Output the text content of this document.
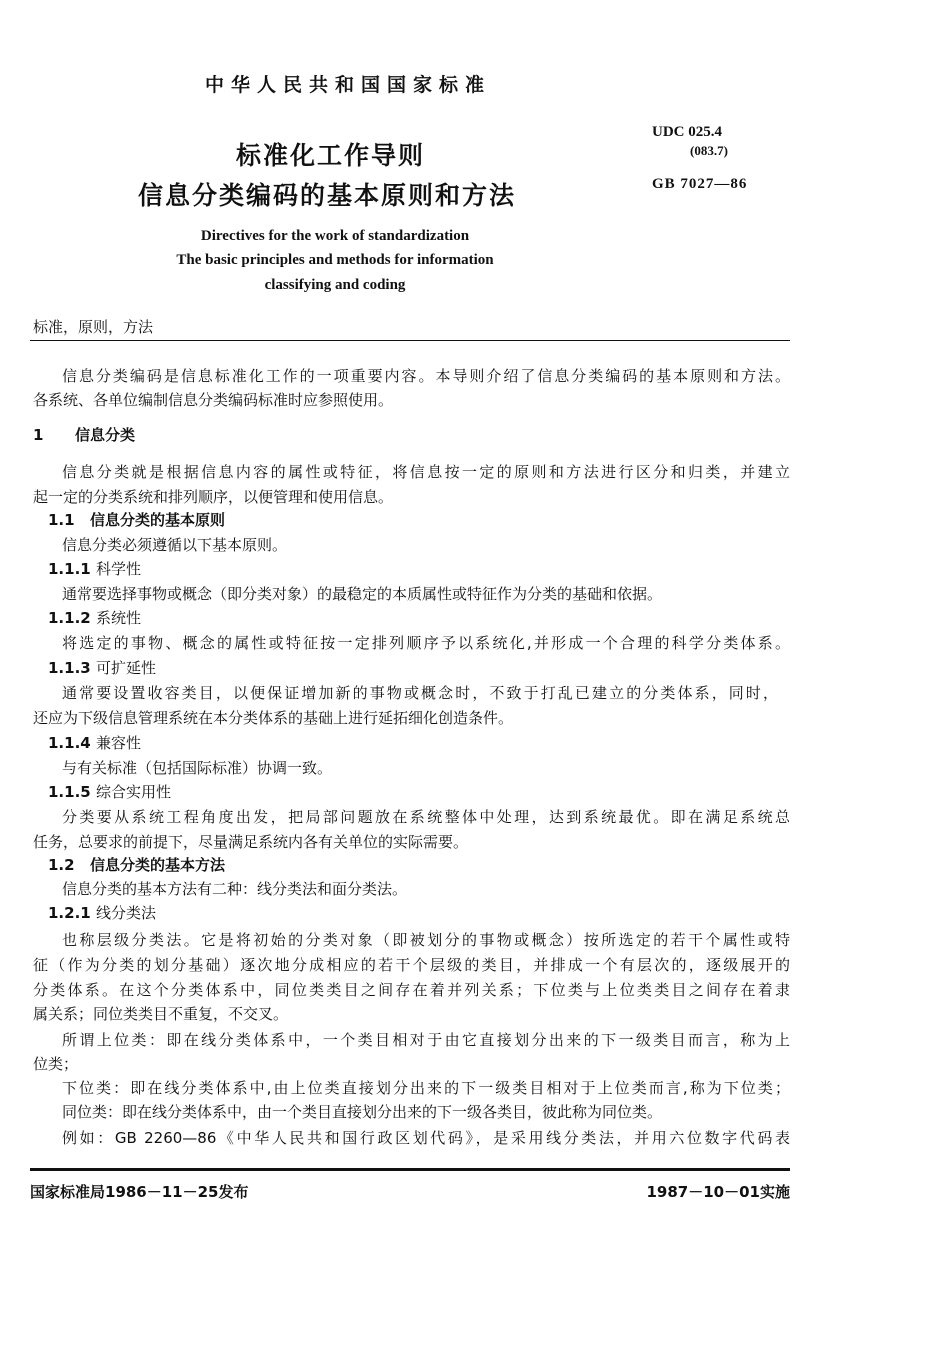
中华人民共和国国家标准
标准化工作导则
信息分类编码的基本原则和方法
UDC 025.4
(083.7)
GB 7027—86
Directives for the work of standardization
The basic principles and methods for information
classifying and coding
标准，原则，方法
信息分类编码是信息标准化工作的一项重要内容。本导则介绍了信息分类编码的基本原则和方法。
各系统、各单位编制信息分类编码标准时应参照使用。
1 信息分类
信息分类就是根据信息内容的属性或特征，将信息按一定的原则和方法进行区分和归类，并建立
起一定的分类系统和排列顺序，以便管理和使用信息。
1.1 信息分类的基本原则
信息分类必须遵循以下基本原则。
1.1.1 科学性
通常要选择事物或概念（即分类对象）的最稳定的本质属性或特征作为分类的基础和依据。
1.1.2 系统性
将选定的事物、概念的属性或特征按一定排列顺序予以系统化,并形成一个合理的科学分类体系。
1.1.3 可扩延性
通常要设置收容类目，以便保证增加新的事物或概念时，不致于打乱已建立的分类体系，同时，
还应为下级信息管理系统在本分类体系的基础上进行延拓细化创造条件。
1.1.4 兼容性
与有关标准（包括国际标准）协调一致。
1.1.5 综合实用性
分类要从系统工程角度出发，把局部问题放在系统整体中处理，达到系统最优。即在满足系统总
任务，总要求的前提下，尽量满足系统内各有关单位的实际需要。
1.2 信息分类的基本方法
信息分类的基本方法有二种：线分类法和面分类法。
1.2.1 线分类法
也称层级分类法。它是将初始的分类对象（即被划分的事物或概念）按所选定的若干个属性或特
征（作为分类的划分基础）逐次地分成相应的若干个层级的类目，并排成一个有层次的，逐级展开的
分类体系。在这个分类体系中，同位类类目之间存在着并列关系；下位类与上位类类目之间存在着隶
属关系；同位类类目不重复，不交叉。
所谓上位类：即在线分类体系中，一个类目相对于由它直接划分出来的下一级类目而言，称为上
位类；
下位类：即在线分类体系中,由上位类直接划分出来的下一级类目相对于上位类而言,称为下位类；
同位类：即在线分类体系中，由一个类目直接划分出来的下一级各类目，彼此称为同位类。
例如：GB 2260—86《中华人民共和国行政区划代码》，是采用线分类法，并用六位数字代码表
国家标准局1986－11－25发布	1987－10－01实施
